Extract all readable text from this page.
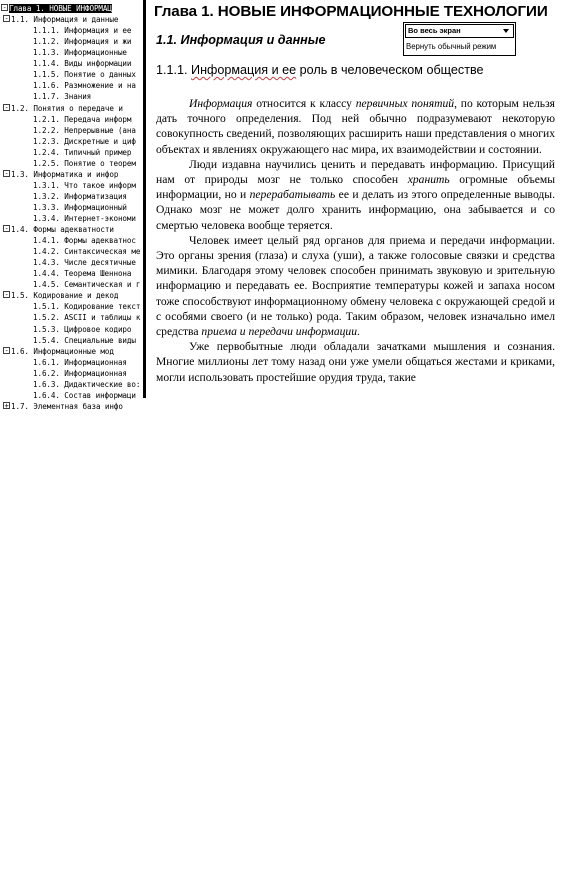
- Глава 1. НОВЫЕ ИНФОРМАЦ
- 1.1. Информация и данные
1.1.1. Информация и ее
1.1.2. Информация и жи
1.1.3. Информационные
1.1.4. Виды информации
1.1.5. Понятие о данных
1.1.6. Размножение и на
1.1.7. Знания
- 1.2. Понятия о передаче и
1.2.1. Передача информ
1.2.2. Непрерывные (ана
1.2.3. Дискретные и циф
1.2.4. Типичный пример
1.2.5. Понятие о теорем
- 1.3. Информатика и инфор
1.3.1. Что такое информ
1.3.2. Информатизация
1.3.3. Информационный
1.3.4. Интернет-экономи
- 1.4. Формы адекватности
1.4.1. Формы адекватнос
1.4.2. Синтаксическая мe
1.4.3. Числе десятичные
1.4.4. Теорема Шеннона
1.4.5. Семантическая и г
- 1.5. Кодирование и декод
1.5.1. Кодирование текст
1.5.2. ASCII и таблицы к
1.5.3. Цифровое кодиро
1.5.4. Специальные виды
- 1.6. Информационные мод
1.6.1. Информационная
1.6.2. Информационная
1.6.3. Дидактические во:
1.6.4. Состав информаци
+ 1.7. Элементная база инфо
Глава 1. НОВЫЕ ИНФОРМАЦИОННЫЕ ТЕХНОЛОГИИ
1.1. Информация и данные
1.1.1. Информация и ее роль в человеческом обществе

Информация относится к классу первичных понятий, по которым нельзя дать точного определения. Под ней обычно подразумевают некоторую совокупность сведений, позволяющих расширить наши представления о многих объектах и явлениях окружающего нас мира, их взаимодействии и состоянии.

Люди издавна научились ценить и передавать информацию. Присущий нам от природы мозг не только способен хранить огромные объемы информации, но и перерабатывать ее и делать из этого определенные выводы. Однако мозг не может долго хранить информацию, она забывается и со смертью человека вообще теряется.

Человек имеет целый ряд органов для приема и передачи информации. Это органы зрения (глаза) и слуха (уши), а также голосовые связки и средства мимики. Благодаря этому человек способен принимать звуковую и зрительную информацию и передавать ее. Восприятие температуры кожей и запаха носом тоже способствуют информационному обмену человека с окружающей средой и с особями своего (и не только) рода. Таким образом, человек изначально имел средства приема и передачи информации.

Уже первобытные люди обладали зачатками мышления и сознания. Многие миллионы лет тому назад они уже умели общаться жестами и криками, могли использовать простейшие орудия труда, такие

Во весь экран
Вернуть обычный режим
